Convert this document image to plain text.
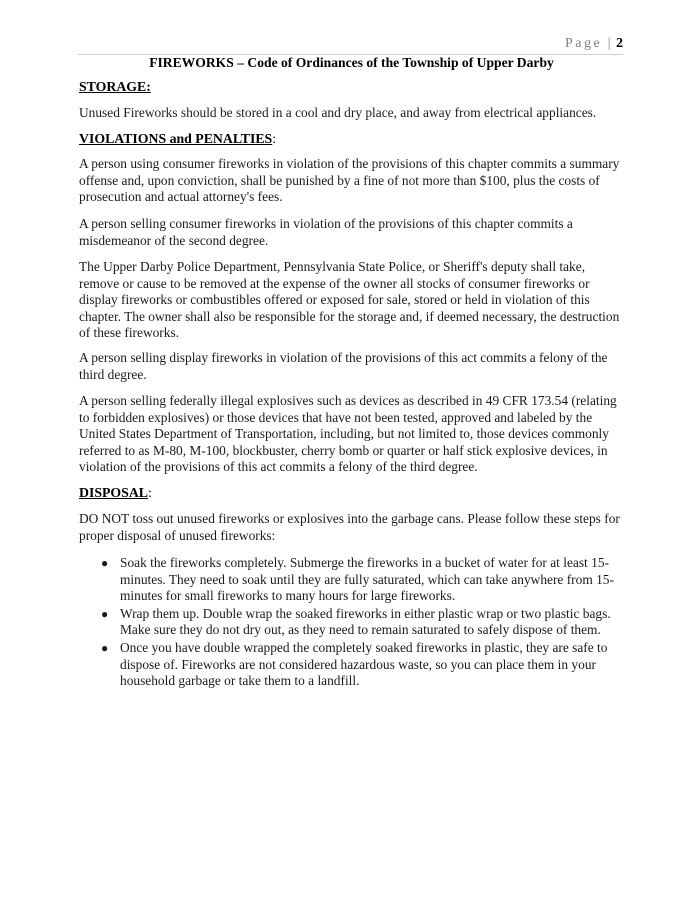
Page | 2
FIREWORKS – Code of Ordinances of the Township of Upper Darby
STORAGE:

Unused Fireworks should be stored in a cool and dry place, and away from electrical appliances.

VIOLATIONS and PENALTIES:

A person using consumer fireworks in violation of the provisions of this chapter commits a summary offense and, upon conviction, shall be punished by a fine of not more than $100, plus the costs of prosecution and actual attorney's fees.

A person selling consumer fireworks in violation of the provisions of this chapter commits a misdemeanor of the second degree.

The Upper Darby Police Department, Pennsylvania State Police, or Sheriff's deputy shall take, remove or cause to be removed at the expense of the owner all stocks of consumer fireworks or display fireworks or combustibles offered or exposed for sale, stored or held in violation of this chapter. The owner shall also be responsible for the storage and, if deemed necessary, the destruction of these fireworks.

A person selling display fireworks in violation of the provisions of this act commits a felony of the third degree.

A person selling federally illegal explosives such as devices as described in 49 CFR 173.54 (relating to forbidden explosives) or those devices that have not been tested, approved and labeled by the United States Department of Transportation, including, but not limited to, those devices commonly referred to as M-80, M-100, blockbuster, cherry bomb or quarter or half stick explosive devices, in violation of the provisions of this act commits a felony of the third degree.

DISPOSAL:

DO NOT toss out unused fireworks or explosives into the garbage cans. Please follow these steps for proper disposal of unused fireworks:

● Soak the fireworks completely. Submerge the fireworks in a bucket of water for at least 15-minutes. They need to soak until they are fully saturated, which can take anywhere from 15-minutes for small fireworks to many hours for large fireworks.
● Wrap them up. Double wrap the soaked fireworks in either plastic wrap or two plastic bags. Make sure they do not dry out, as they need to remain saturated to safely dispose of them.
● Once you have double wrapped the completely soaked fireworks in plastic, they are safe to dispose of. Fireworks are not considered hazardous waste, so you can place them in your household garbage or take them to a landfill.
